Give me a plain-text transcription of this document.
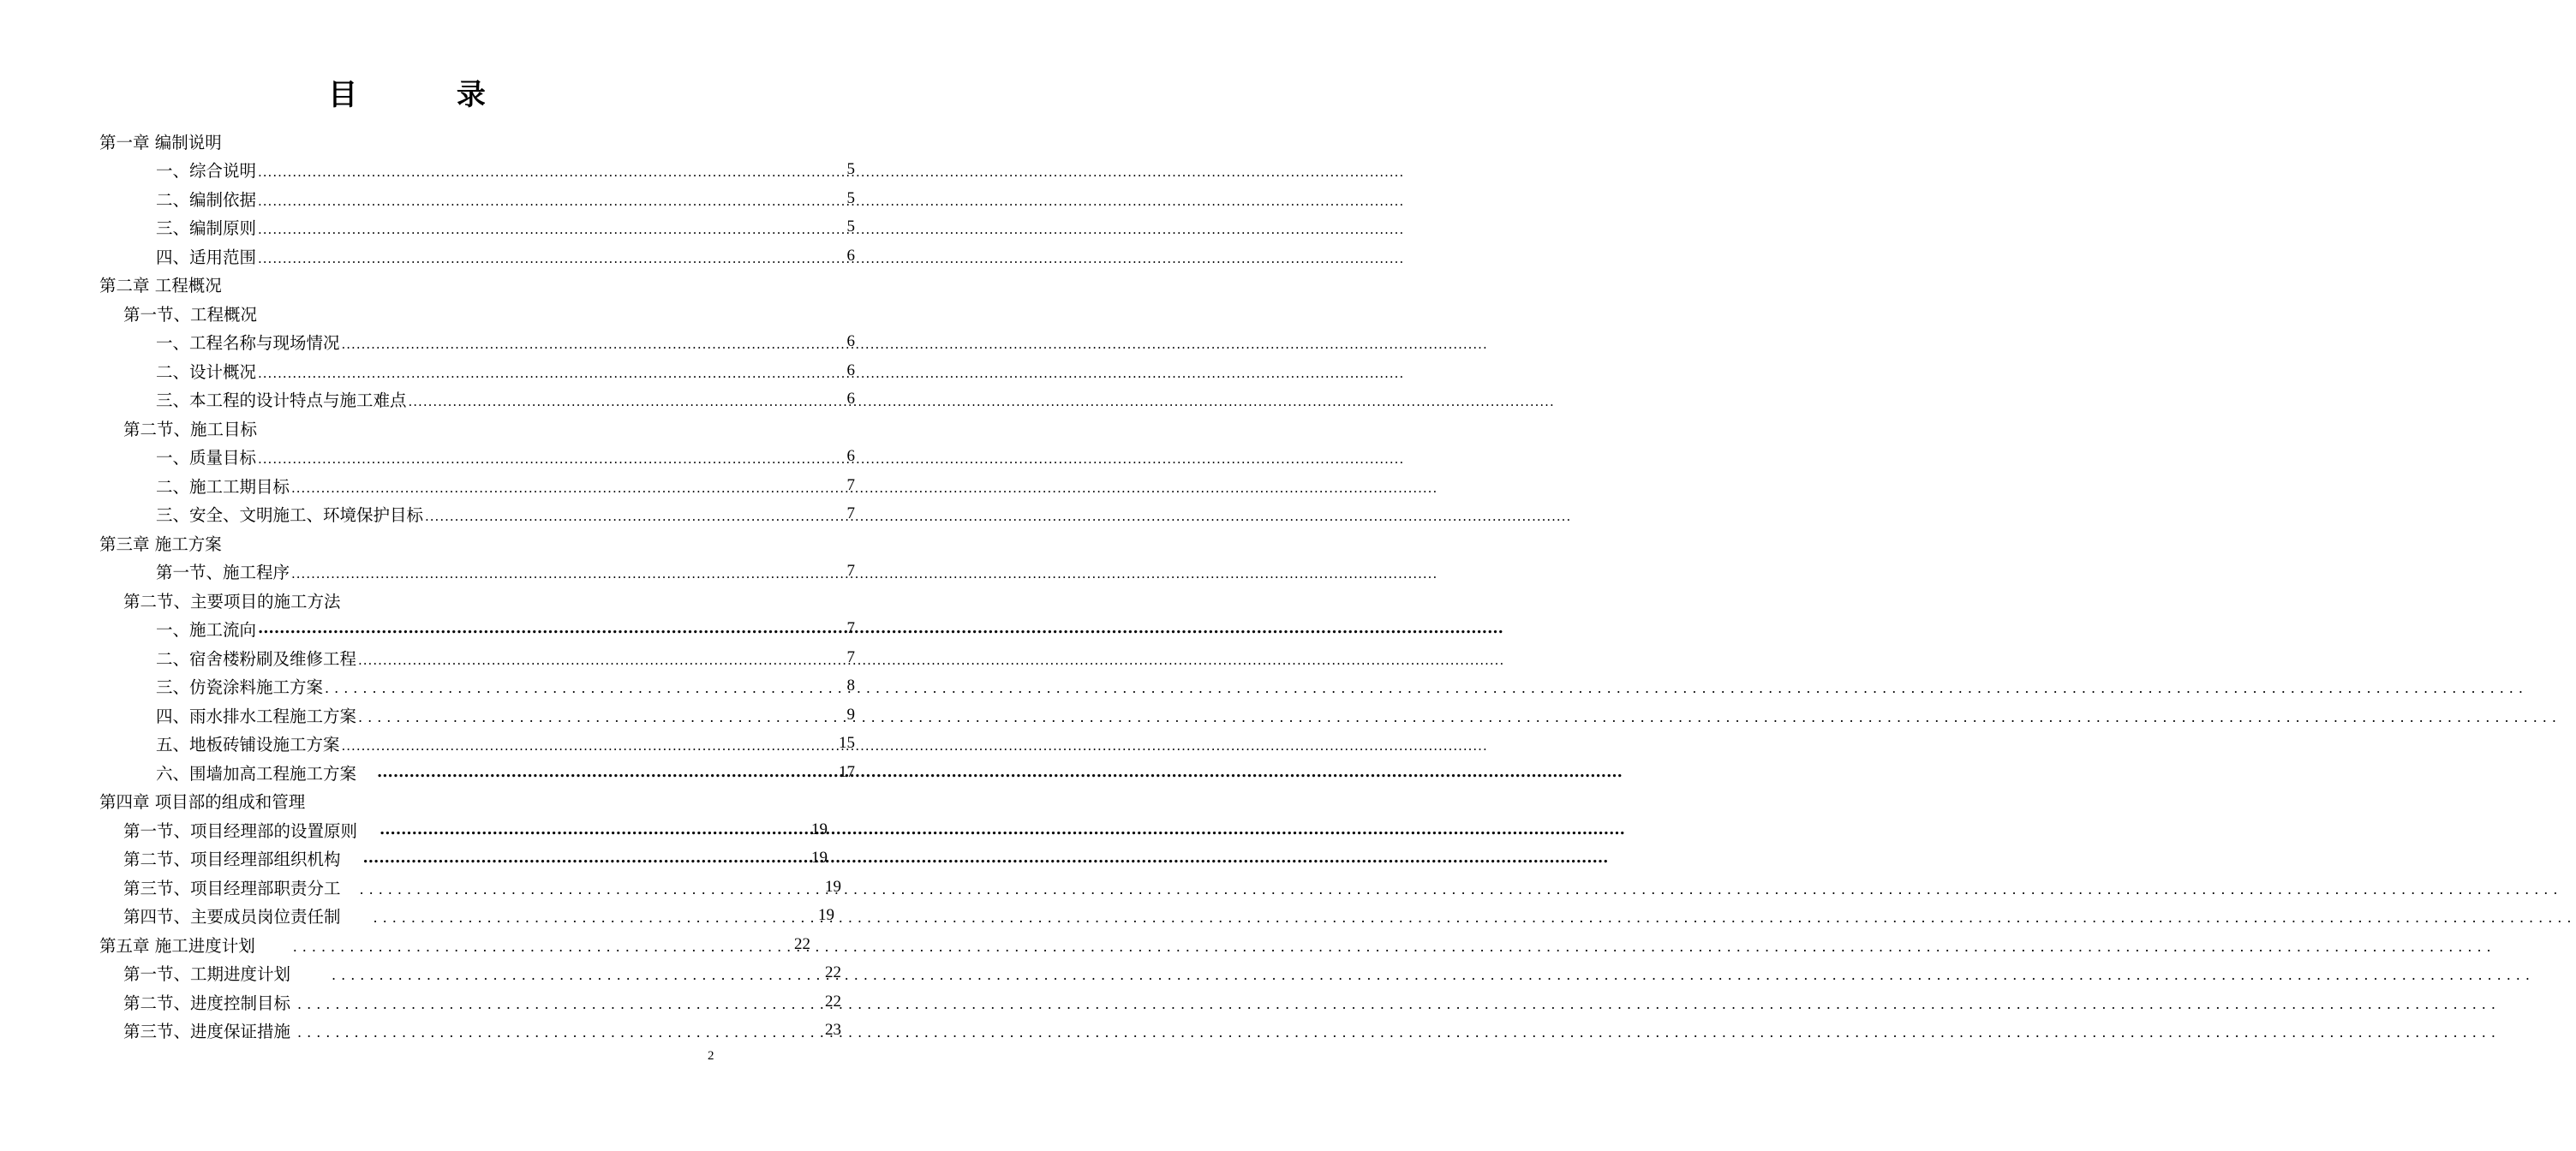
目 录
第一章 编制说明
一、综合说明 .....	5
二、编制依据 .....	5
三、编制原则 .....	5
四、适用范围 .....	6
第二章 工程概况
第一节、工程概况
一、工程名称与现场情况 .....	6
二、设计概况 .....	6
三、本工程的设计特点与施工难点 .....	6
第二节、施工目标
一、质量目标 .....	6
二、施工工期目标 .....	7
三、安全、文明施工、环境保护目标 .....	7
第三章 施工方案
第一节、施工程序 .....	7
第二节、主要项目的施工方法
一、施工流向 .....	7
二、宿舍楼粉刷及维修工程 .....	7
三、仿瓷涂料施工方案 .....	8
四、雨水排水工程施工方案 .....	9
五、地板砖铺设施工方案 .....	15
六、围墙加高工程施工方案 .....	17
第四章 项目部的组成和管理
第一节、项目经理部的设置原则 .....	19
第二节、项目经理部组织机构 .....	19
第三节、项目经理部职责分工 .....	19
第四节、主要成员岗位责任制 .....	19
第五章 施工进度计划 .....	22
第一节、工期进度计划 .....	22
第二节、进度控制目标 .....	22
第三节、进度保证措施 .....	23
2
